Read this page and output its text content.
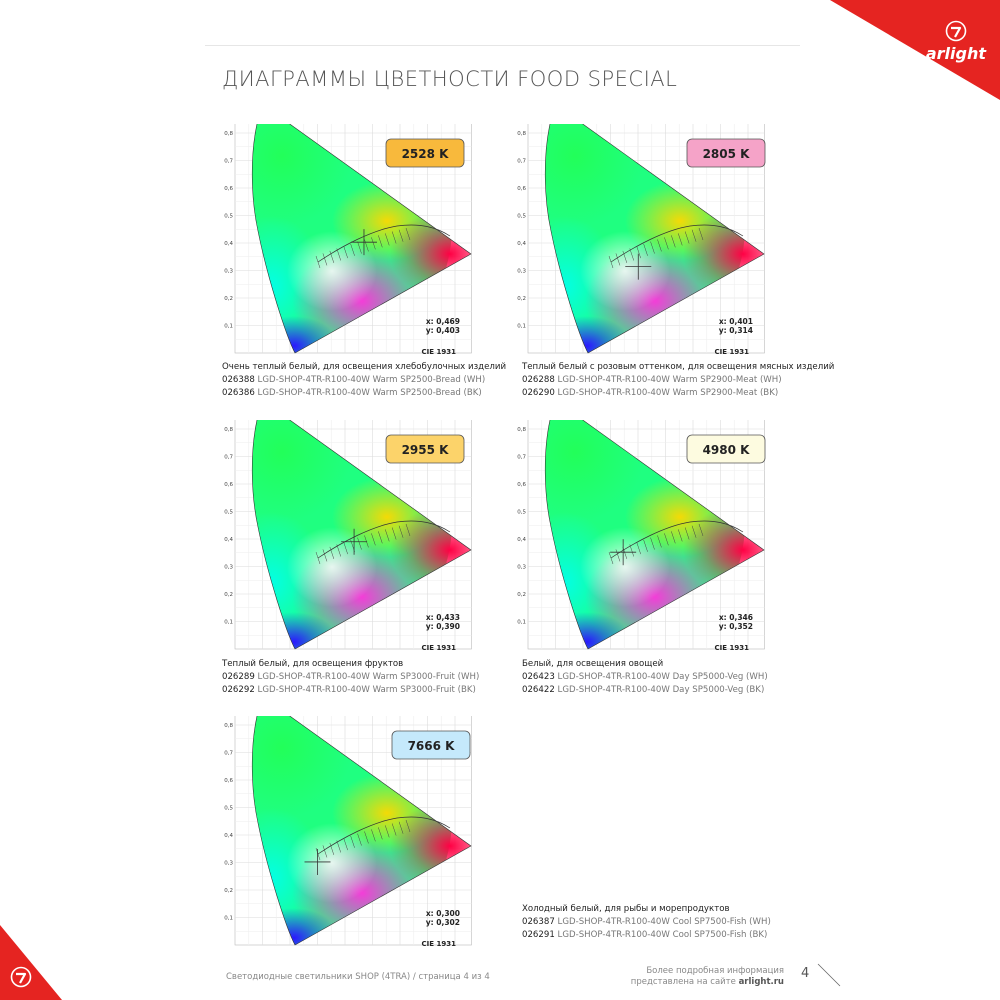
arlight
ДИАГРАММЫ ЦВЕТНОСТИ FOOD SPECIAL
0,1
0,2
0,3
0,4
0,5
0,6
0,7
0,8
2528 K
x: 0,469
y: 0,403
CIE 1931
Очень теплый белый, для освещения хлебобулочных изделий
026388 LGD-SHOP-4TR-R100-40W Warm SP2500-Bread (WH)
026386 LGD-SHOP-4TR-R100-40W Warm SP2500-Bread (BK)
0,1
0,2
0,3
0,4
0,5
0,6
0,7
0,8
2805 K
x: 0,401
y: 0,314
CIE 1931
Теплый белый с розовым оттенком, для освещения мясных изделий
026288 LGD-SHOP-4TR-R100-40W Warm SP2900-Meat (WH)
026290 LGD-SHOP-4TR-R100-40W Warm SP2900-Meat (BK)
0,1
0,2
0,3
0,4
0,5
0,6
0,7
0,8
2955 K
x: 0,433
y: 0,390
CIE 1931
Теплый белый, для освещения фруктов
026289 LGD-SHOP-4TR-R100-40W Warm SP3000-Fruit (WH)
026292 LGD-SHOP-4TR-R100-40W Warm SP3000-Fruit (BK)
0,1
0,2
0,3
0,4
0,5
0,6
0,7
0,8
4980 K
x: 0,346
y: 0,352
CIE 1931
Белый, для освещения овощей
026423 LGD-SHOP-4TR-R100-40W Day SP5000-Veg (WH)
026422 LGD-SHOP-4TR-R100-40W Day SP5000-Veg (BK)
0,1
0,2
0,3
0,4
0,5
0,6
0,7
0,8
7666 K
x: 0,300
y: 0,302
CIE 1931
Холодный белый, для рыбы и морепродуктов
026387 LGD-SHOP-4TR-R100-40W Cool SP7500-Fish (WH)
026291 LGD-SHOP-4TR-R100-40W Cool SP7500-Fish (BK)
Светодиодные светильники SHOP (4TRA) / страница 4 из 4
Более подробная информация
представлена на сайте arlight.ru
4
